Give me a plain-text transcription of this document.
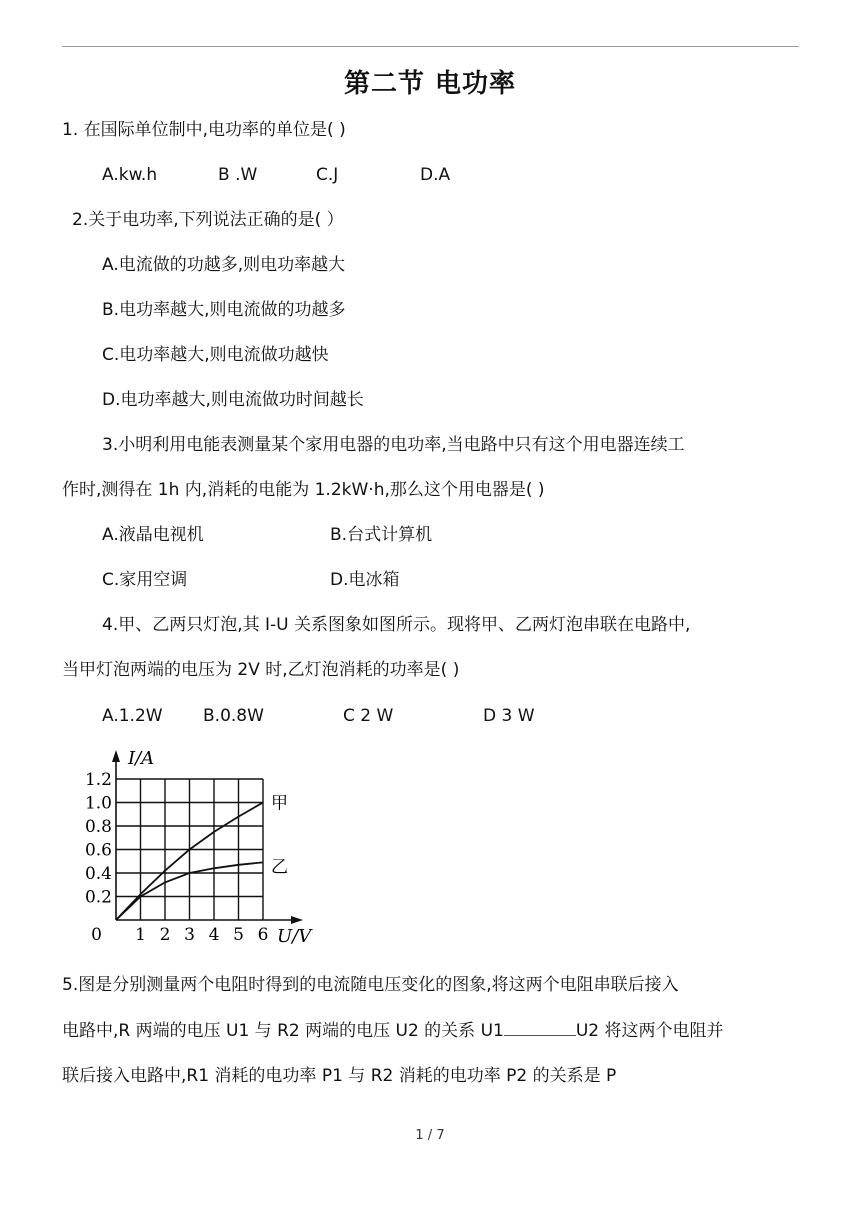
第二节 电功率
1. 在国际单位制中,电功率的单位是( )
A.kw.h	B .W	C.J	D.A
2.关于电功率,下列说法正确的是( ）
A.电流做的功越多,则电功率越大
B.电功率越大,则电流做的功越多
C.电功率越大,则电流做功越快
D.电功率越大,则电流做功时间越长
3.小明利用电能表测量某个家用电器的电功率,当电路中只有这个用电器连续工
作时,测得在 1h 内,消耗的电能为 1.2kW·h,那么这个用电器是( )
A.液晶电视机	B.台式计算机
C.家用空调	D.电冰箱
4.甲、乙两只灯泡,其 I-U 关系图象如图所示。现将甲、乙两灯泡串联在电路中,
当甲灯泡两端的电压为 2V 时,乙灯泡消耗的功率是( )
A.1.2W B.0.8W	C 2 W	D 3 W
甲
乙
1 2 3 4 5 6
0.2
0.4
0.6
0.8
1.0
1.2
0
I/A
U/V
5.图是分别测量两个电阻时得到的电流随电压变化的图象,将这两个电阻串联后接入
电路中,R 两端的电压 U1 与 R2 两端的电压 U2 的关系 U1	U2 将这两个电阻并
联后接入电路中,R1 消耗的电功率 P1 与 R2 消耗的电功率 P2 的关系是 P
1 / 7
